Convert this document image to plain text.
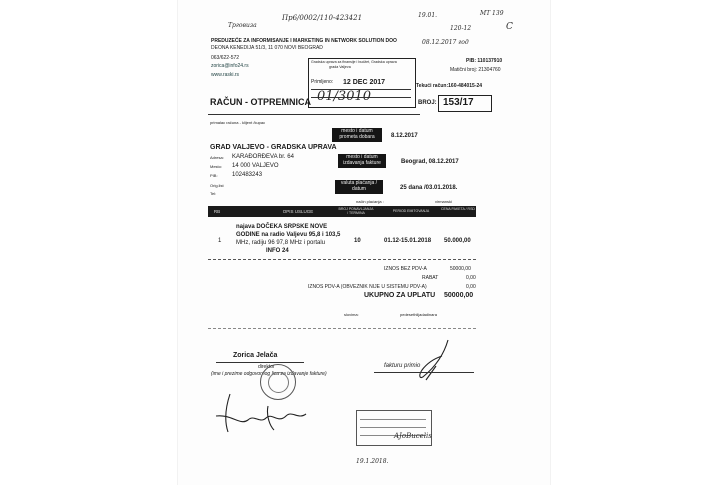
Пр6/0002/110-423421
Трговиза
19.01.	MT 139
120-12
08.12.2017 год
C
PREDUZEĆE ZA INFORMISANJE I MARKETING IN NETWORK SOLUTION DOO
DEONA KENEDIJA 51/3, 11 070 NOVI BEOGRAD
063/622-572
zorica@info24.rs
www.raski.rs
PIB: 110137910
Matični broj: 21304760
Gradska uprava za finansije i budžet, Gradska uprava
grada Valjeva
Primljeno: 12 DEC 2017
01/3010
Tekući račun:160-484015-24
RAČUN - OTPREMNICA	BROJ: 153/17
primalac računa - klijent /kupac
GRAD VALJEVO - GRADSKA UPRAVA
Adresa: KARAĐORĐEVA br. 64
Mesto: 14 000 VALJEVO
PIB: 102483243
Orig.list
Tel:
mesto i datum prometa dobara	8.12.2017
mesto i datum izdavanja fakture	Beograd, 08.12.2017
valuta plaćanja / datum	25 dana /03.01.2018.
način plaćanja :	virmanski
RB	OPIS USLUGE	BROJ PONAVLJANJA / TERMINA	PERIOD EMITOVANJA	CENA PAKETA / RSD
1
najava DOČEKA SRPSKE NOVE
GODINE na radio Valjevu 95,8 i 103,5
MHz, radiju 96 97,8 MHz i portalu
INFO 24
10	01.12-15.01.2018 50.000,00
IZNOS BEZ PDV-A	50000,00
RABAT	0,00
IZNOS PDV-A (OBVEZNIK NIJE U SISTEMU PDV-A)	0,00
UKUPNO ZA UPLATU 50000,00
slovima:	pedesethiljadadinara
Zorica Jelača
direktor
(ime i prezime odgovornog lica za izdavanje fakture)
fakturu primio
AJoBucelis
19.1.2018.
